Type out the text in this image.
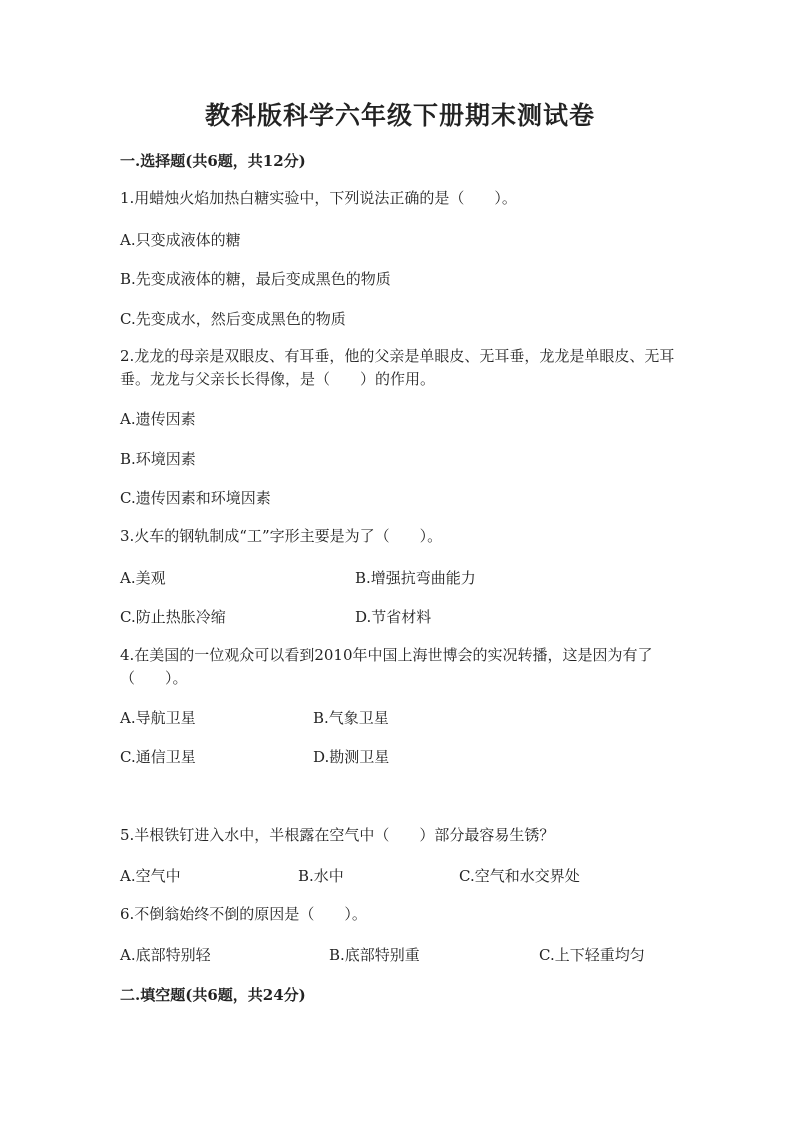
教科版科学六年级下册期末测试卷
一.选择题(共6题，共12分)
1.用蜡烛火焰加热白糖实验中，下列说法正确的是（　　）。
A.只变成液体的糖
B.先变成液体的糖，最后变成黑色的物质
C.先变成水，然后变成黑色的物质
2.龙龙的母亲是双眼皮、有耳垂，他的父亲是单眼皮、无耳垂，龙龙是单眼皮、无耳垂。龙龙与父亲长长得像，是（　　）的作用。
A.遗传因素
B.环境因素
C.遗传因素和环境因素
3.火车的钢轨制成“工”字形主要是为了（　　）。
A.美观	B.增强抗弯曲能力
C.防止热胀冷缩	D.节省材料
4.在美国的一位观众可以看到2010年中国上海世博会的实况转播，这是因为有了（　　）。
A.导航卫星	B.气象卫星
C.通信卫星	D.勘测卫星
5.半根铁钉进入水中，半根露在空气中（　　）部分最容易生锈？
A.空气中	B.水中	C.空气和水交界处
6.不倒翁始终不倒的原因是（　　）。
A.底部特别轻	B.底部特别重	C.上下轻重均匀
二.填空题(共6题，共24分)
